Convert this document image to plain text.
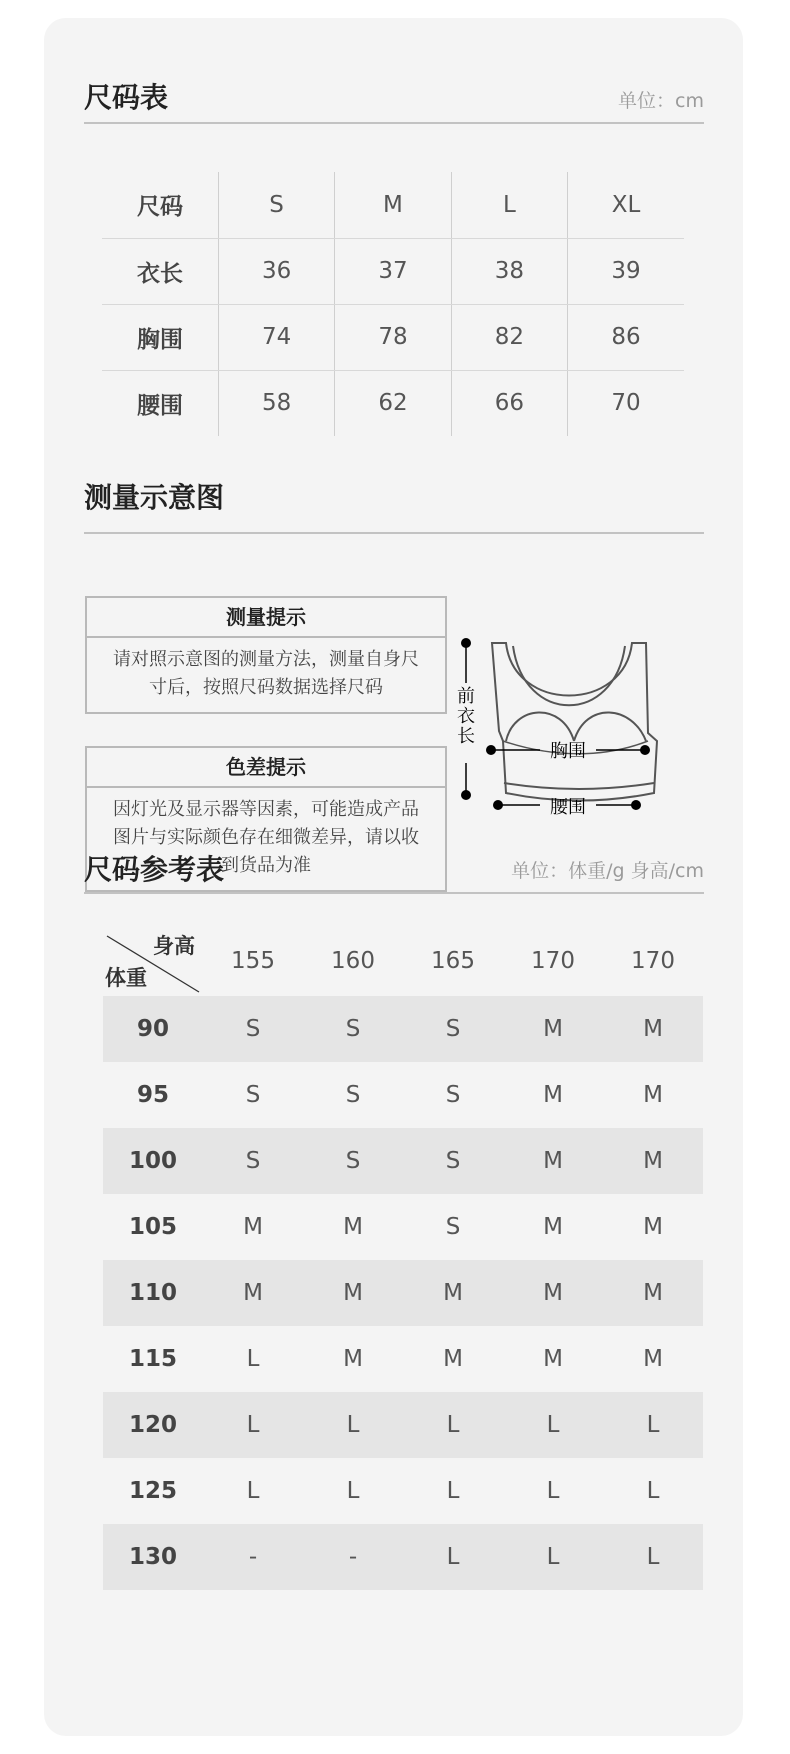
尺码表	单位：cm
尺码	S	M	L	XL
衣长	36	37	38	39
胸围	74	78	82	86
腰围	58	62	66	70
测量示意图
测量提示
请对照示意图的测量方法，测量自身尺寸后，按照尺码数据选择尺码
色差提示
因灯光及显示器等因素，可能造成产品图片与实际颜色存在细微差异，请以收到货品为准
前衣长
胸围
腰围
尺码参考表	单位：体重/g 身高/cm
身高
体重
155	160	165	170	170
90	S	S	S	M	M
95	S	S	S	M	M
100	S	S	S	M	M
105	M	M	S	M	M
110	M	M	M	M	M
115	L	M	M	M	M
120	L	L	L	L	L
125	L	L	L	L	L
130	-	-	L	L	L
